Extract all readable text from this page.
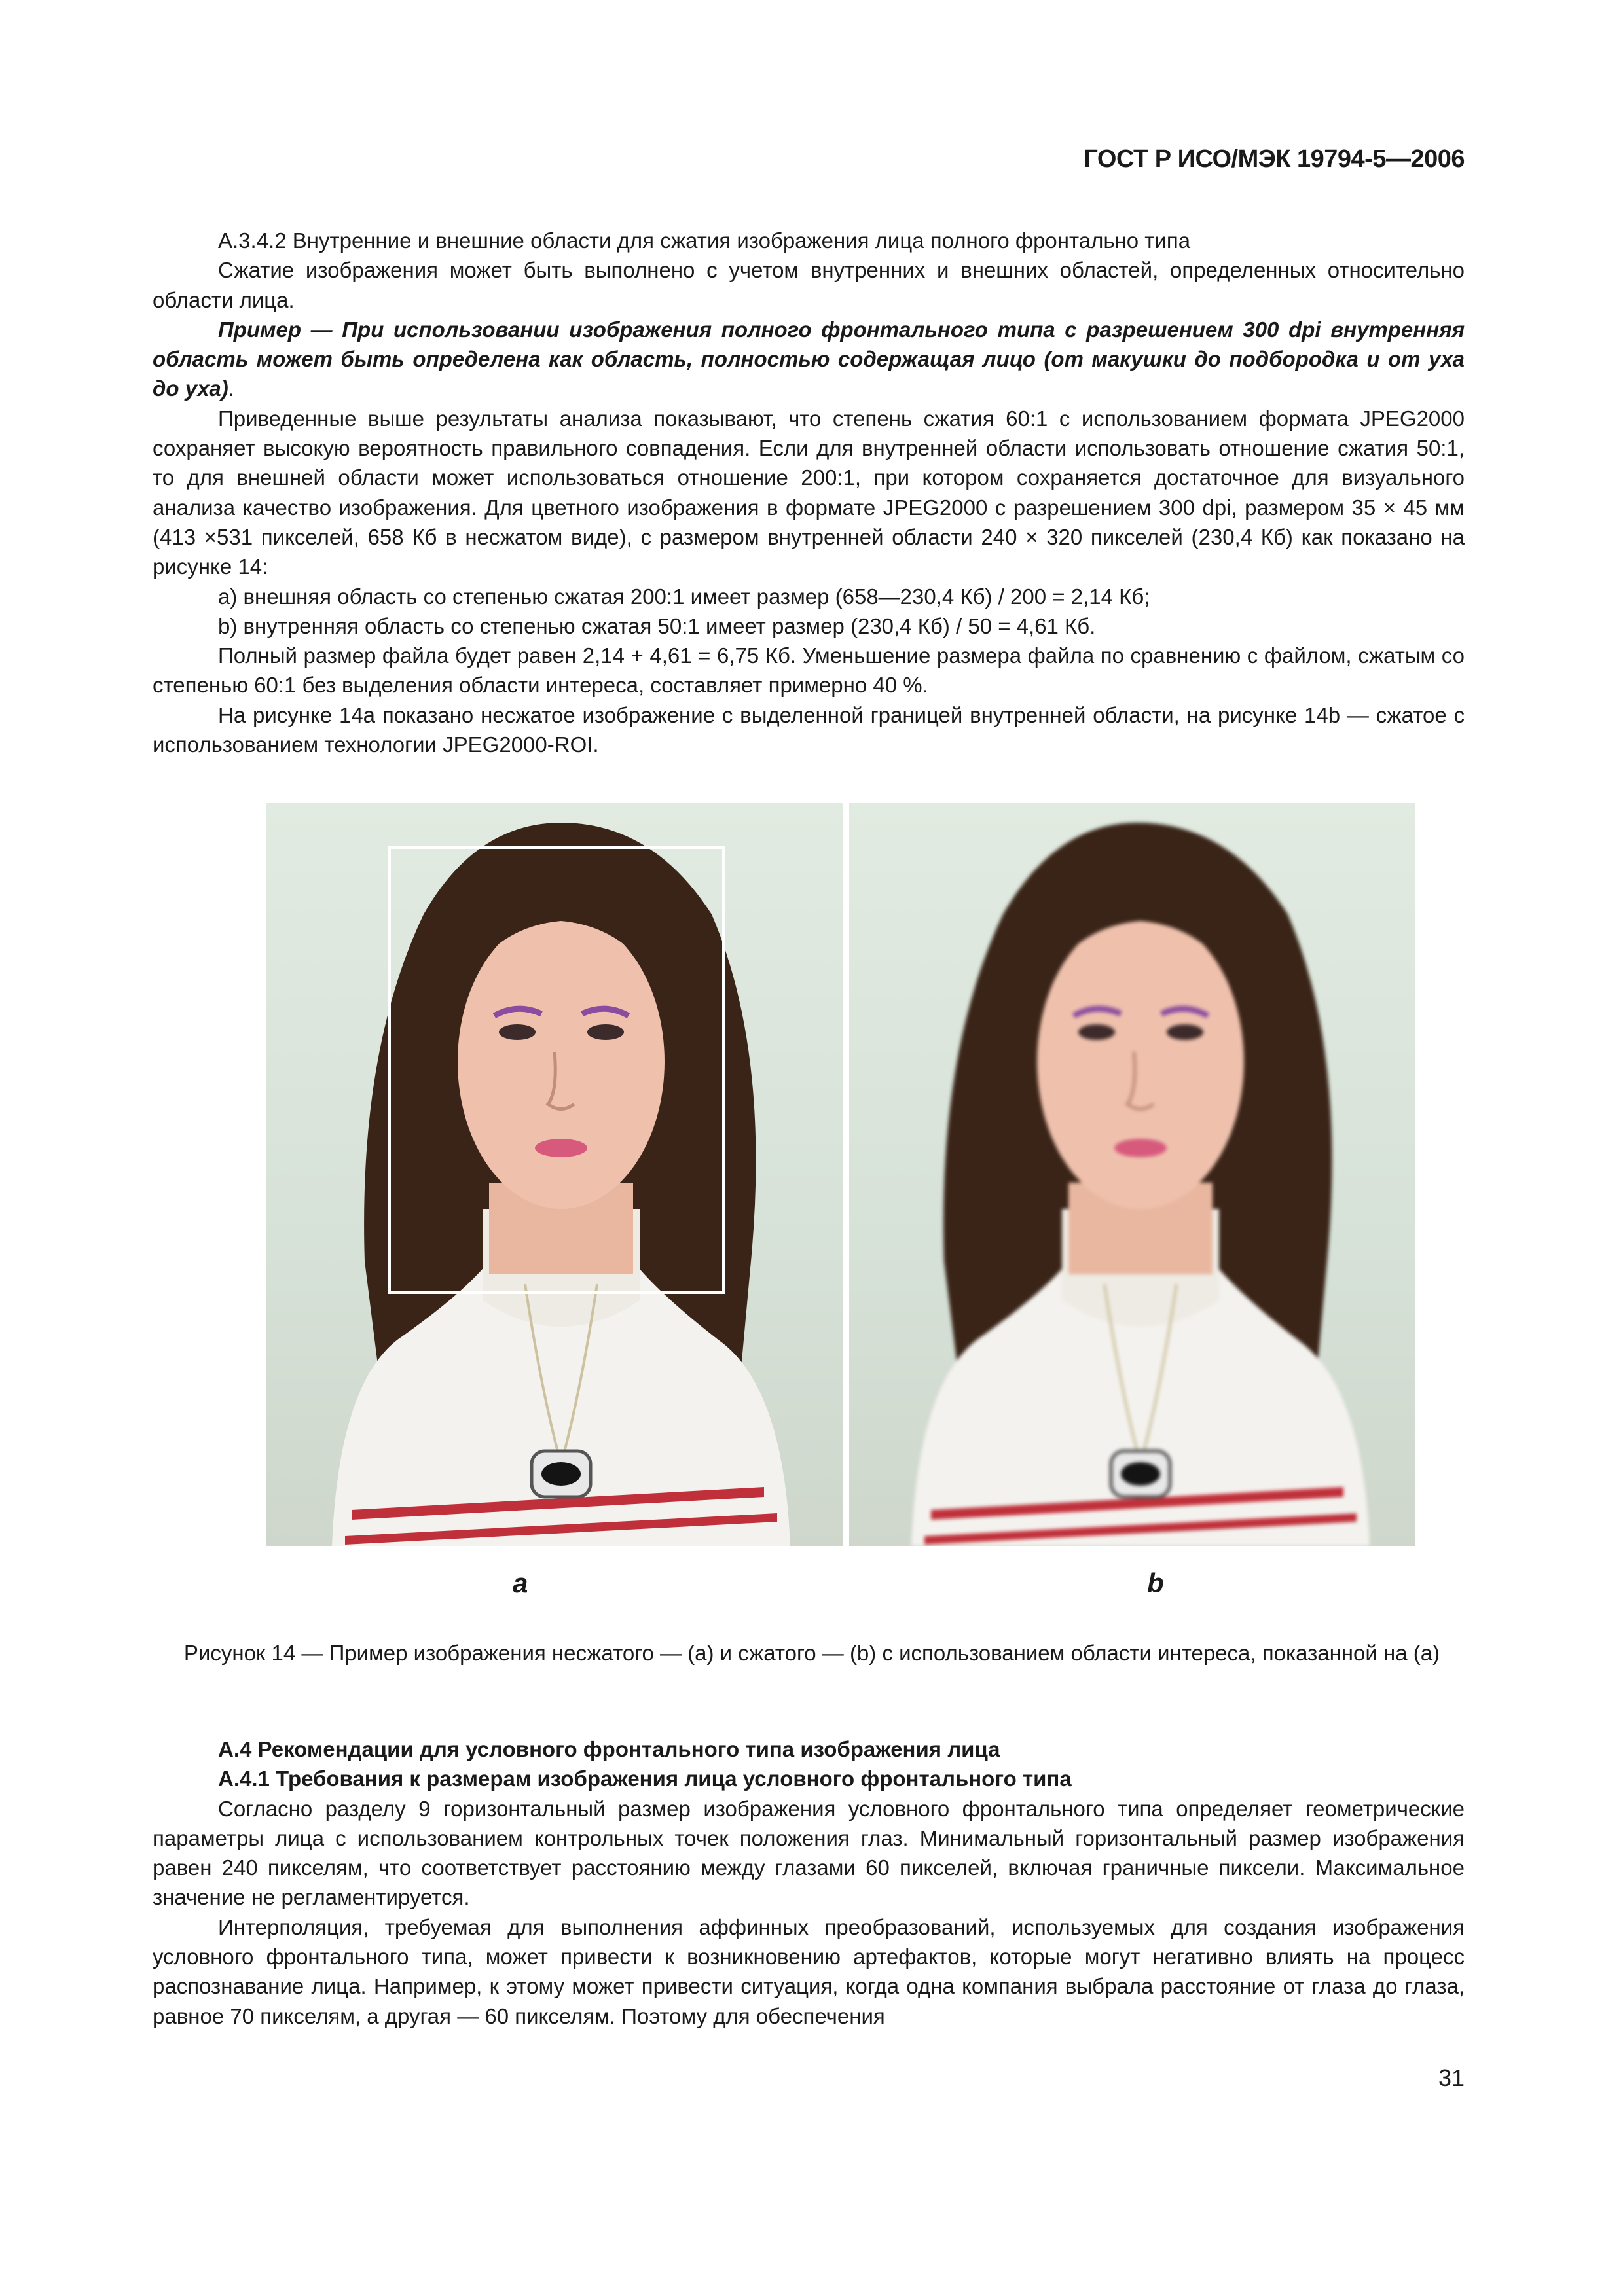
ГОСТ Р ИСО/МЭК 19794-5—2006

А.3.4.2 Внутренние и внешние области для сжатия изображения лица полного фронтально типа

Сжатие изображения может быть выполнено с учетом внутренних и внешних областей, определенных относительно области лица.

Пример — При использовании изображения полного фронтального типа с разрешением 300 dpi внутренняя область может быть определена как область, полностью содержащая лицо (от макушки до подбородка и от уха до уха).

Приведенные выше результаты анализа показывают, что степень сжатия 60:1 с использованием формата JPEG2000 сохраняет высокую вероятность правильного совпадения. Если для внутренней области использовать отношение сжатия 50:1, то для внешней области может использоваться отношение 200:1, при котором сохраняется достаточное для визуального анализа качество изображения. Для цветного изображения в формате JPEG2000 с разрешением 300 dpi, размером 35 × 45 мм (413 ×531 пикселей, 658 Кб в несжатом виде), с размером внутренней области 240 × 320 пикселей (230,4 Кб) как показано на рисунке 14:

a) внешняя область со степенью сжатая 200:1 имеет размер (658—230,4 Кб) / 200 = 2,14 Кб;

b) внутренняя область со степенью сжатая 50:1 имеет размер (230,4 Кб) / 50 = 4,61 Кб.

Полный размер файла будет равен 2,14 + 4,61 = 6,75 Кб. Уменьшение размера файла по сравнению с файлом, сжатым со степенью 60:1 без выделения области интереса, составляет примерно 40 %.

На рисунке 14а показано несжатое изображение с выделенной границей внутренней области, на рисунке 14b — сжатое с использованием технологии JPEG2000-ROI.

а	b
Рисунок 14 — Пример изображения несжатого — (а) и сжатого — (b) с использованием области интереса, показанной на (а)

А.4 Рекомендации для условного фронтального типа изображения лица

А.4.1 Требования к размерам изображения лица условного фронтального типа

Согласно разделу 9 горизонтальный размер изображения условного фронтального типа определяет геометрические параметры лица с использованием контрольных точек положения глаз. Минимальный горизонтальный размер изображения равен 240 пикселям, что соответствует расстоянию между глазами 60 пикселей, включая граничные пиксели. Максимальное значение не регламентируется.

Интерполяция, требуемая для выполнения аффинных преобразований, используемых для создания изображения условного фронтального типа, может привести к возникновению артефактов, которые могут негативно влиять на процесс распознавание лица. Например, к этому может привести ситуация, когда одна компания выбрала расстояние от глаза до глаза, равное 70 пикселям, а другая — 60 пикселям. Поэтому для обеспечения

31
